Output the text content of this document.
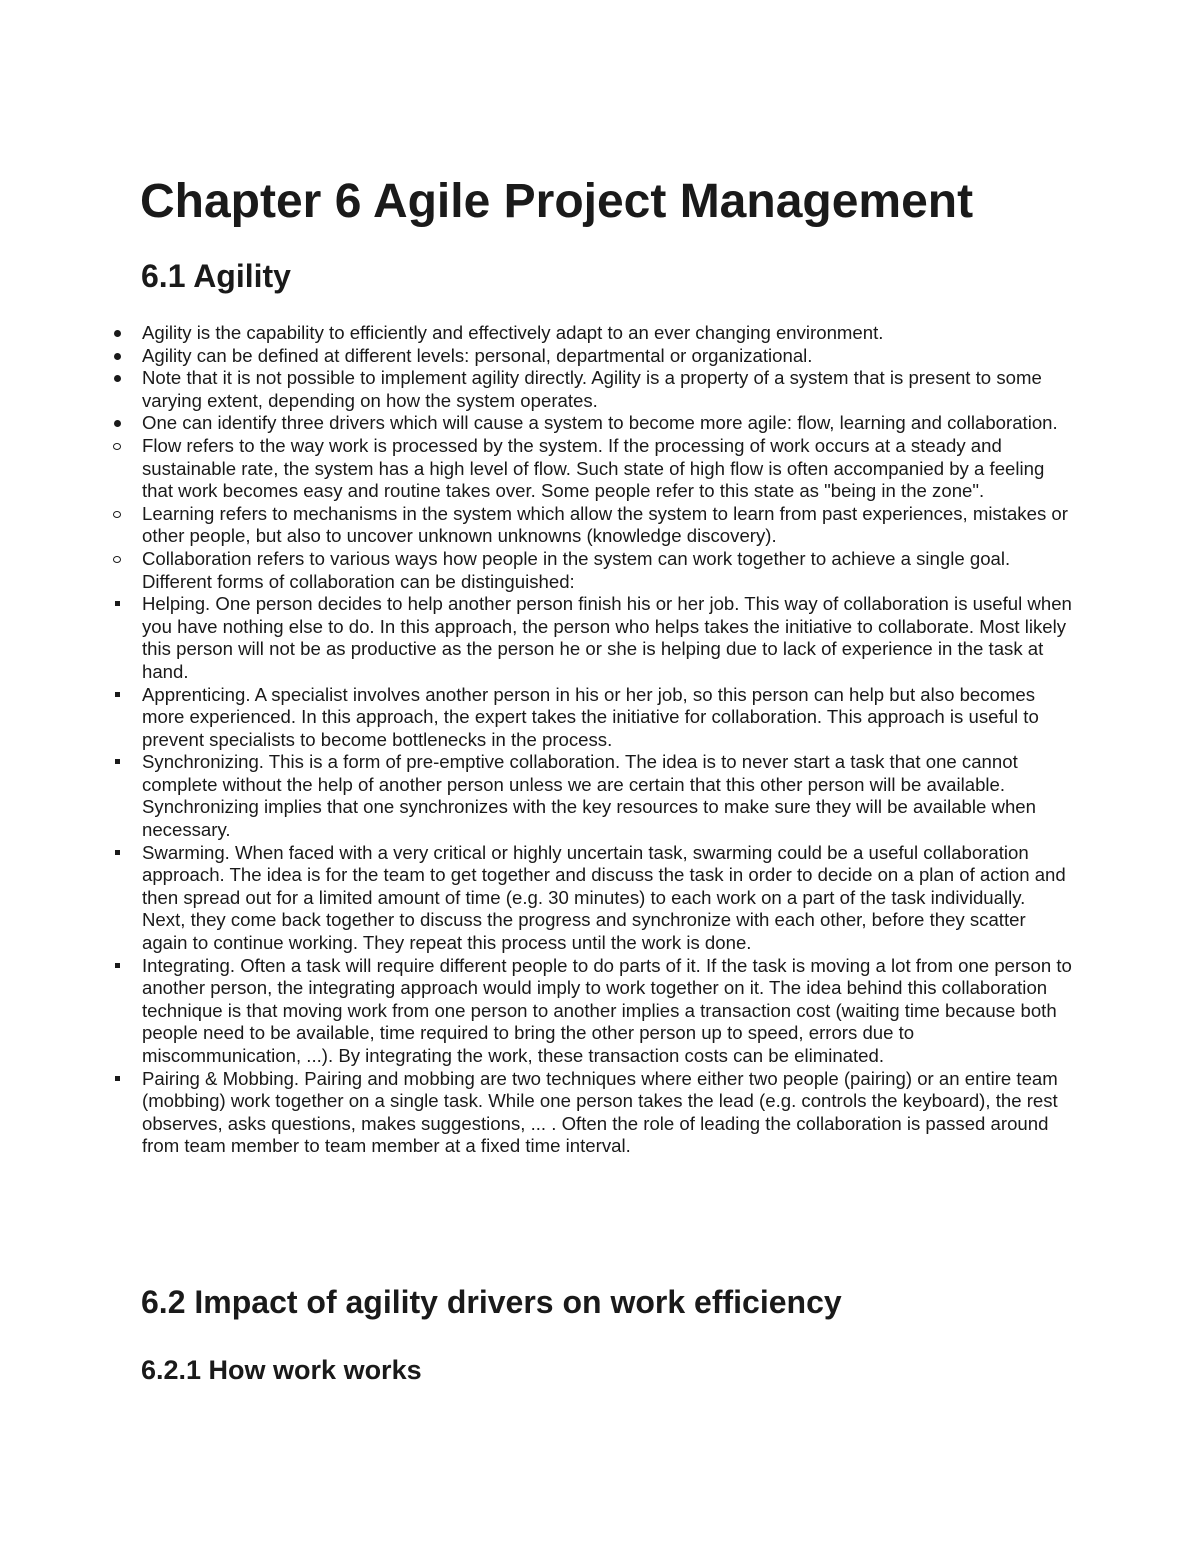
Chapter 6 Agile Project Management
6.1 Agility
Agility is the capability to efficiently and effectively adapt to an ever changing environment.
Agility can be defined at different levels: personal, departmental or organizational.
Note that it is not possible to implement agility directly. Agility is a property of a system that is present to some varying extent, depending on how the system operates.
One can identify three drivers which will cause a system to become more agile: flow, learning and collaboration.
Flow refers to the way work is processed by the system. If the processing of work occurs at a steady and sustainable rate, the system has a high level of flow. Such state of high flow is often accompanied by a feeling that work becomes easy and routine takes over. Some people refer to this state as "being in the zone".
Learning refers to mechanisms in the system which allow the system to learn from past experiences, mistakes or other people, but also to uncover unknown unknowns (knowledge discovery).
Collaboration refers to various ways how people in the system can work together to achieve a single goal. Different forms of collaboration can be distinguished:
Helping. One person decides to help another person finish his or her job. This way of collaboration is useful when you have nothing else to do. In this approach, the person who helps takes the initiative to collaborate. Most likely this person will not be as productive as the person he or she is helping due to lack of experience in the task at hand.
Apprenticing. A specialist involves another person in his or her job, so this person can help but also becomes more experienced. In this approach, the expert takes the initiative for collaboration. This approach is useful to prevent specialists to become bottlenecks in the process.
Synchronizing. This is a form of pre-emptive collaboration. The idea is to never start a task that one cannot complete without the help of another person unless we are certain that this other person will be available. Synchronizing implies that one synchronizes with the key resources to make sure they will be available when necessary.
Swarming. When faced with a very critical or highly uncertain task, swarming could be a useful collaboration approach. The idea is for the team to get together and discuss the task in order to decide on a plan of action and then spread out for a limited amount of time (e.g. 30 minutes) to each work on a part of the task individually. Next, they come back together to discuss the progress and synchronize with each other, before they scatter again to continue working. They repeat this process until the work is done.
Integrating. Often a task will require different people to do parts of it. If the task is moving a lot from one person to another person, the integrating approach would imply to work together on it. The idea behind this collaboration technique is that moving work from one person to another implies a transaction cost (waiting time because both people need to be available, time required to bring the other person up to speed, errors due to miscommunication, ...). By integrating the work, these transaction costs can be eliminated.
Pairing & Mobbing. Pairing and mobbing are two techniques where either two people (pairing) or an entire team (mobbing) work together on a single task. While one person takes the lead (e.g. controls the keyboard), the rest observes, asks questions, makes suggestions, ... . Often the role of leading the collaboration is passed around from team member to team member at a fixed time interval.
6.2 Impact of agility drivers on work efficiency
6.2.1 How work works
